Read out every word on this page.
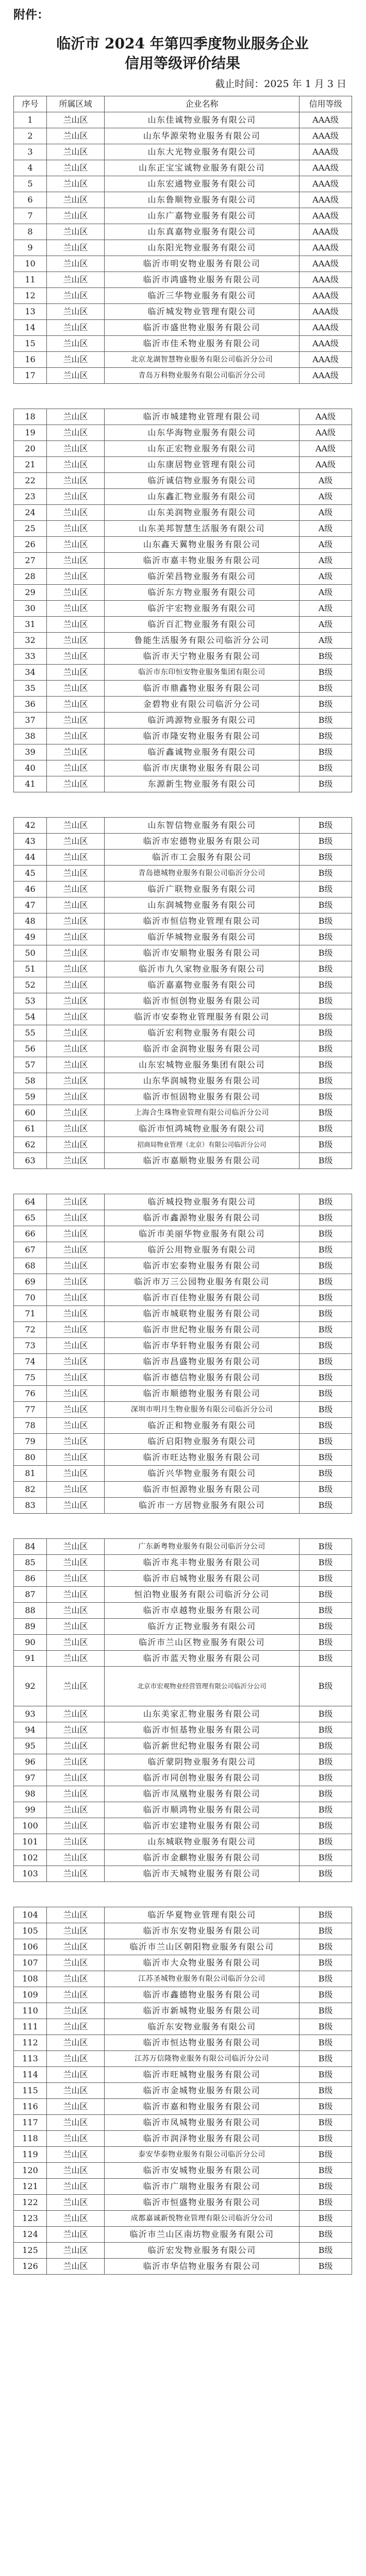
附件：
临沂市 2024 年第四季度物业服务企业
信用等级评价结果
截止时间：2025 年 1 月 3 日
序号	所属区域	企业名称	信用等级
1	兰山区	山东佳诚物业服务有限公司	AAA级
2	兰山区	山东华源荣物业服务有限公司	AAA级
3	兰山区	山东大光物业服务有限公司	AAA级
4	兰山区	山东正宝宝诚物业服务有限公司	AAA级
5	兰山区	山东宏通物业服务有限公司	AAA级
6	兰山区	山东鲁顺物业服务有限公司	AAA级
7	兰山区	山东广嘉物业服务有限公司	AAA级
8	兰山区	山东真嘉物业服务有限公司	AAA级
9	兰山区	山东阳光物业服务有限公司	AAA级
10	兰山区	临沂市明安物业服务有限公司	AAA级
11	兰山区	临沂市鸿盛物业服务有限公司	AAA级
12	兰山区	临沂三华物业服务有限公司	AAA级
13	兰山区	临沂城发物业管理有限公司	AAA级
14	兰山区	临沂市盛世物业服务有限公司	AAA级
15	兰山区	临沂市佳禾物业服务有限公司	AAA级
16	兰山区	北京龙湖智慧物业服务有限公司临沂分公司	AAA级
17	兰山区	青岛万科物业服务有限公司临沂分公司	AAA级

18	兰山区	临沂市城建物业管理有限公司	AA级
19	兰山区	山东华海物业服务有限公司	AA级
20	兰山区	山东正宏物业服务有限公司	AA级
21	兰山区	山东康居物业管理有限公司	AA级
22	兰山区	临沂诚信物业服务有限公司	A级
23	兰山区	山东鑫汇物业服务有限公司	A级
24	兰山区	山东美润物业服务有限公司	A级
25	兰山区	山东美邦智慧生活服务有限公司	A级
26	兰山区	山东鑫天翼物业服务有限公司	A级
27	兰山区	临沂市嘉丰物业服务有限公司	A级
28	兰山区	临沂荣昌物业服务有限公司	A级
29	兰山区	临沂东方物业服务有限公司	A级
30	兰山区	临沂宇宏物业服务有限公司	A级
31	兰山区	临沂百汇物业服务有限公司	A级
32	兰山区	鲁能生活服务有限公司临沂分公司	A级
33	兰山区	临沂市天宁物业服务有限公司	B级
34	兰山区	临沂市东印恒安物业服务集团有限公司	B级
35	兰山区	临沂市鼎鑫物业服务有限公司	B级
36	兰山区	金碧物业有限公司临沂分公司	B级
37	兰山区	临沂鸿源物业服务有限公司	B级
38	兰山区	临沂市隆安物业服务有限公司	B级
39	兰山区	临沂鑫诚物业服务有限公司	B级
40	兰山区	临沂市庆康物业服务有限公司	B级
41	兰山区	东源新生物业服务有限公司	B级

42	兰山区	山东智信物业服务有限公司	B级
43	兰山区	临沂市宏德物业服务有限公司	B级
44	兰山区	临沂市工会服务有限公司	B级
45	兰山区	青岛德城物业服务有限公司临沂分公司	B级
46	兰山区	临沂广联物业服务有限公司	B级
47	兰山区	山东润城物业服务有限公司	B级
48	兰山区	临沂市恒信物业管理有限公司	B级
49	兰山区	临沂华城物业服务有限公司	B级
50	兰山区	临沂市安顺物业服务有限公司	B级
51	兰山区	临沂市九久家物业服务有限公司	B级
52	兰山区	临沂嘉嘉物业服务有限公司	B级
53	兰山区	临沂市恒创物业服务有限公司	B级
54	兰山区	临沂市安泰物业管理服务有限公司	B级
55	兰山区	临沂宏利物业服务有限公司	B级
56	兰山区	临沂市金润物业服务有限公司	B级
57	兰山区	山东宏城物业服务集团有限公司	B级
58	兰山区	山东华润城物业服务有限公司	B级
59	兰山区	临沂市恒固物业服务有限公司	B级
60	兰山区	上海合生珠物业管理有限公司临沂分公司	B级
61	兰山区	临沂市恒鸿城物业服务有限公司	B级
62	兰山区	招商局物业管理（北京）有限公司临沂分公司	B级
63	兰山区	临沂市嘉顺物业服务有限公司	B级

64	兰山区	临沂城投物业服务有限公司	B级
65	兰山区	临沂市鑫源物业服务有限公司	B级
66	兰山区	临沂市美丽华物业服务有限公司	B级
67	兰山区	临沂公用物业服务有限公司	B级
68	兰山区	临沂市宏泰物业服务有限公司	B级
69	兰山区	临沂市万三公园物业服务有限公司	B级
70	兰山区	临沂市百佳物业服务有限公司	B级
71	兰山区	临沂市城联物业服务有限公司	B级
72	兰山区	临沂市世纪物业服务有限公司	B级
73	兰山区	临沂市华轩物业服务有限公司	B级
74	兰山区	临沂市昌盛物业服务有限公司	B级
75	兰山区	临沂市德信物业服务有限公司	B级
76	兰山区	临沂市顺德物业服务有限公司	B级
77	兰山区	深圳市明月生物业服务有限公司临沂分公司	B级
78	兰山区	临沂正和物业服务有限公司	B级
79	兰山区	临沂启阳物业服务有限公司	B级
80	兰山区	临沂市旺达物业服务有限公司	B级
81	兰山区	临沂兴华物业服务有限公司	B级
82	兰山区	临沂市恒源物业服务有限公司	B级
83	兰山区	临沂市一方居物业服务有限公司	B级

84	兰山区	广东新粤物业服务有限公司临沂分公司	B级
85	兰山区	临沂市兆丰物业服务有限公司	B级
86	兰山区	临沂市启城物业服务有限公司	B级
87	兰山区	恒泊物业服务有限公司临沂分公司	B级
88	兰山区	临沂市卓越物业服务有限公司	B级
89	兰山区	临沂方正物业服务有限公司	B级
90	兰山区	临沂市兰山区物业服务有限公司	B级
91	兰山区	临沂市蓝天物业服务有限公司	B级
92	兰山区	北京市宏观物业经营管理有限公司临沂分公司	B级
93	兰山区	山东美家汇物业服务有限公司	B级
94	兰山区	临沂市恒基物业服务有限公司	B级
95	兰山区	临沂新世纪物业服务有限公司	B级
96	兰山区	临沂蒙阴物业服务有限公司	B级
97	兰山区	临沂市同创物业服务有限公司	B级
98	兰山区	临沂市凤凰物业服务有限公司	B级
99	兰山区	临沂市顺鸿物业服务有限公司	B级
100	兰山区	临沂市宏建物业服务有限公司	B级
101	兰山区	山东城联物业服务有限公司	B级
102	兰山区	临沂市金麒物业服务有限公司	B级
103	兰山区	临沂市天城物业服务有限公司	B级

104	兰山区	临沂华夏物业管理有限公司	B级
105	兰山区	临沂市东安物业服务有限公司	B级
106	兰山区	临沂市兰山区朝阳物业服务有限公司	B级
107	兰山区	临沂市大众物业服务有限公司	B级
108	兰山区	江苏圣城物业服务有限公司临沂分公司	B级
109	兰山区	临沂市鑫德物业服务有限公司	B级
110	兰山区	临沂市新城物业服务有限公司	B级
111	兰山区	临沂东安物业服务有限公司	B级
112	兰山区	临沂市恒达物业服务有限公司	B级
113	兰山区	江苏万信隆物业服务有限公司临沂分公司	B级
114	兰山区	临沂市旺城物业服务有限公司	B级
115	兰山区	临沂市金城物业服务有限公司	B级
116	兰山区	临沂市嘉和物业服务有限公司	B级
117	兰山区	临沂市凤城物业服务有限公司	B级
118	兰山区	临沂市润泽物业服务有限公司	B级
119	兰山区	泰安华泰物业服务有限公司临沂分公司	B级
120	兰山区	临沂市安城物业服务有限公司	B级
121	兰山区	临沂市广瑞物业服务有限公司	B级
122	兰山区	临沂市恒盛物业服务有限公司	B级
123	兰山区	成都嘉诚新悦物业管理有限公司临沂分公司	B级
124	兰山区	临沂市兰山区南坊物业服务有限公司	B级
125	兰山区	临沂宏发物业服务有限公司	B级
126	兰山区	临沂市华信物业服务有限公司	B级
